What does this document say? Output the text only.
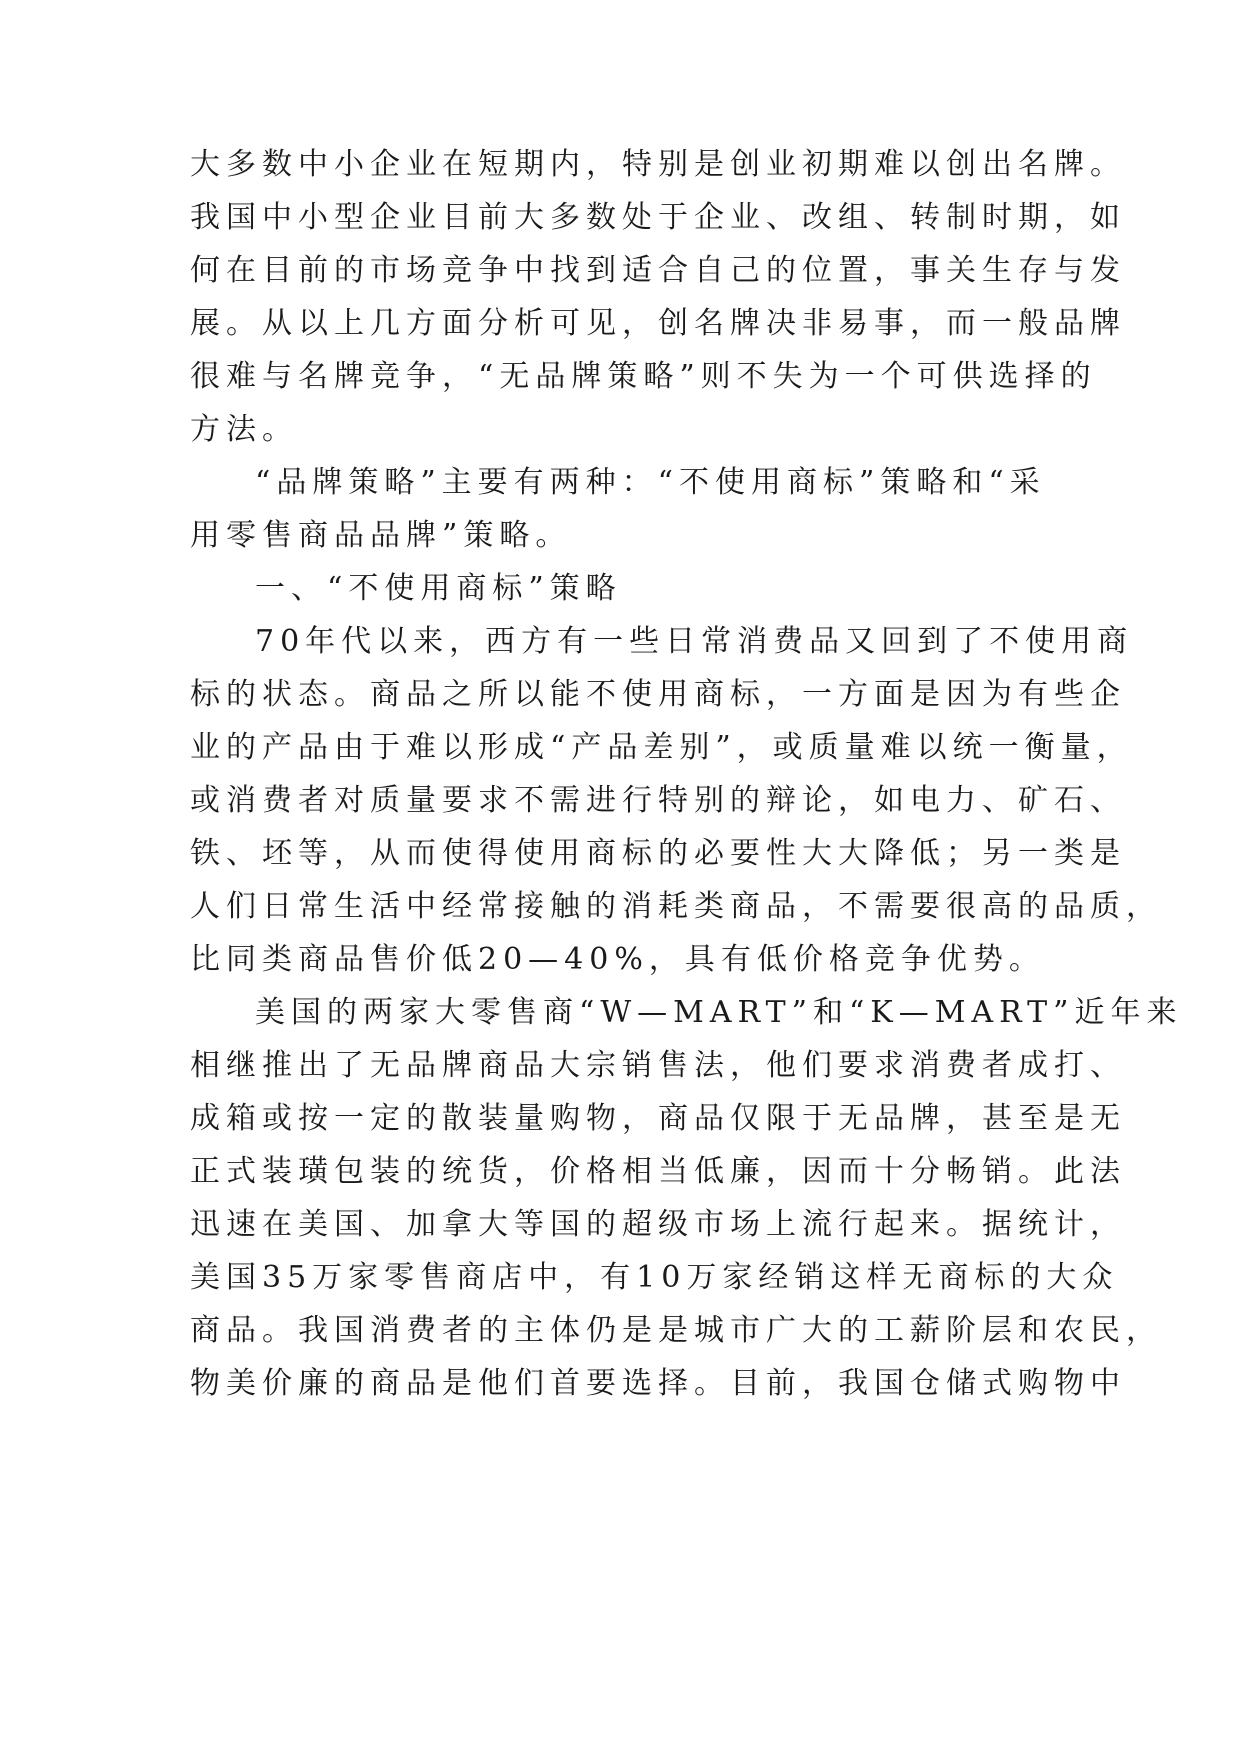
大多数中小企业在短期内，特别是创业初期难以创出名牌。
我国中小型企业目前大多数处于企业、改组、转制时期，如
何在目前的市场竞争中找到适合自己的位置，事关生存与发
展。从以上几方面分析可见，创名牌决非易事，而一般品牌
很难与名牌竞争，“无品牌策略”则不失为一个可供选择的
方法。
“品牌策略”主要有两种：“不使用商标”策略和“采
用零售商品品牌”策略。
一、“不使用商标”策略
70年代以来，西方有一些日常消费品又回到了不使用商
标的状态。商品之所以能不使用商标，一方面是因为有些企
业的产品由于难以形成“产品差别”，或质量难以统一衡量，
或消费者对质量要求不需进行特别的辩论，如电力、矿石、
铁、坯等，从而使得使用商标的必要性大大降低；另一类是
人们日常生活中经常接触的消耗类商品，不需要很高的品质，
比同类商品售价低20—40%，具有低价格竞争优势。
美国的两家大零售商“W—MART”和“K—MART”近年来
相继推出了无品牌商品大宗销售法，他们要求消费者成打、
成箱或按一定的散装量购物，商品仅限于无品牌，甚至是无
正式装璜包装的统货，价格相当低廉，因而十分畅销。此法
迅速在美国、加拿大等国的超级市场上流行起来。据统计，
美国35万家零售商店中，有10万家经销这样无商标的大众
商品。我国消费者的主体仍是是城市广大的工薪阶层和农民，
物美价廉的商品是他们首要选择。目前，我国仓储式购物中
